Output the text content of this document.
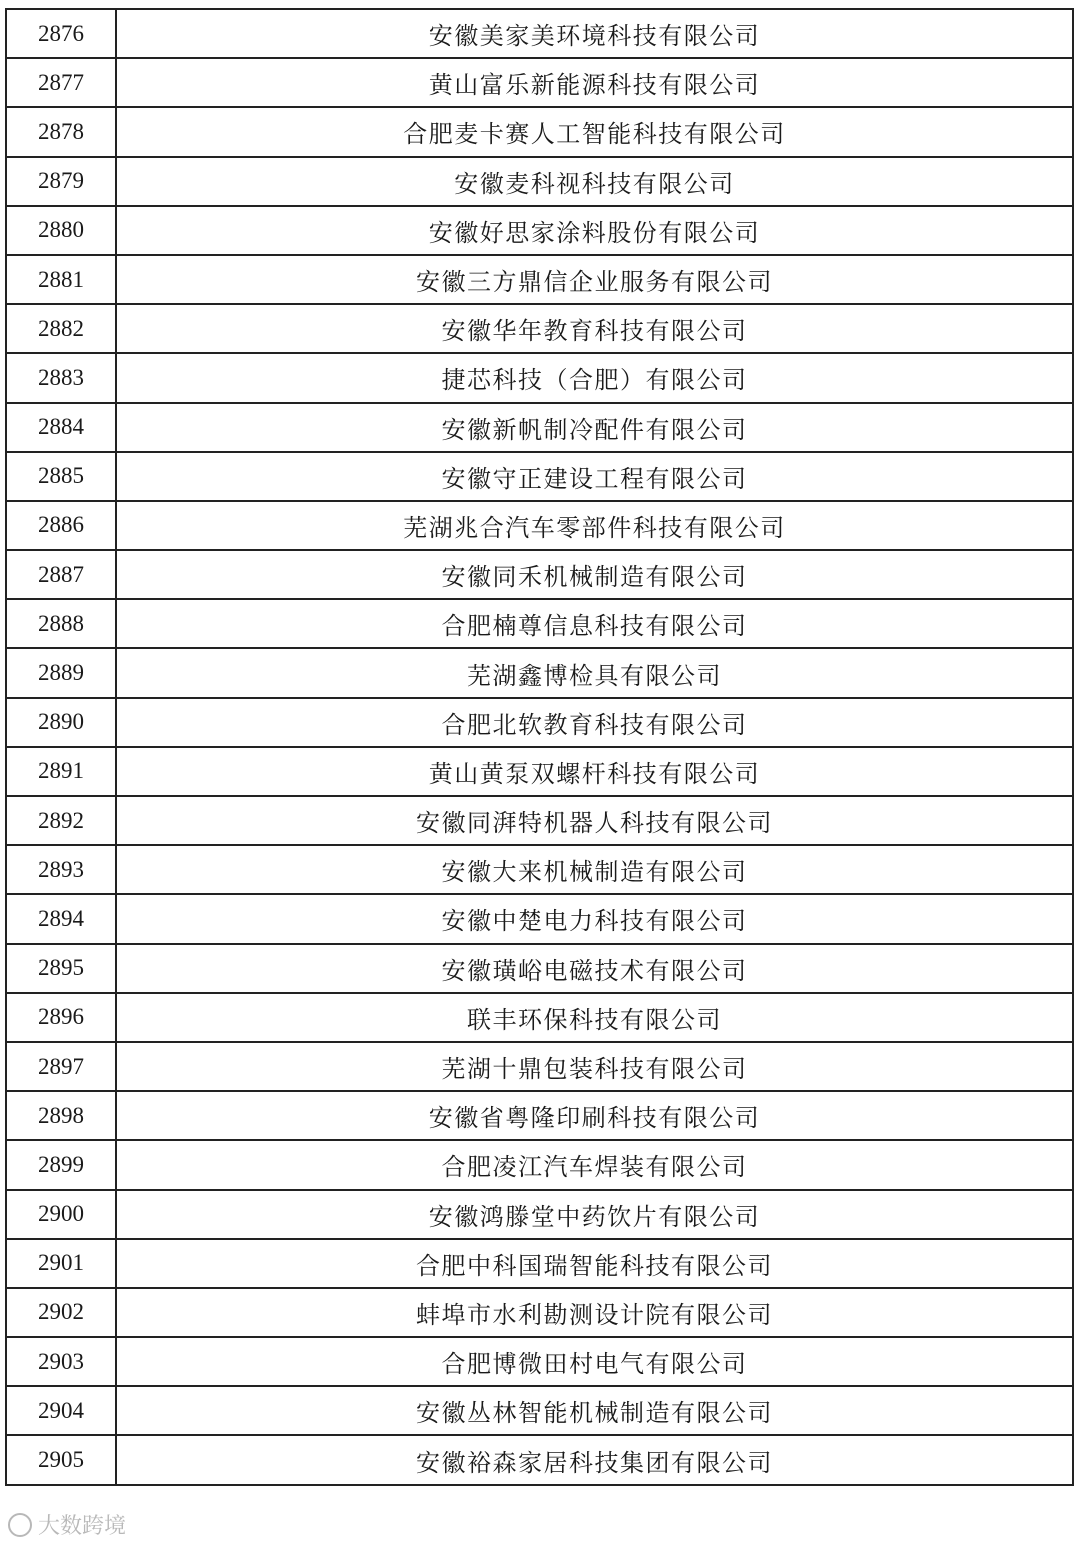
2876	安徽美家美环境科技有限公司
2877	黄山富乐新能源科技有限公司
2878	合肥麦卡赛人工智能科技有限公司
2879	安徽麦科视科技有限公司
2880	安徽好思家涂料股份有限公司
2881	安徽三方鼎信企业服务有限公司
2882	安徽华年教育科技有限公司
2883	捷芯科技（合肥）有限公司
2884	安徽新帆制冷配件有限公司
2885	安徽守正建设工程有限公司
2886	芜湖兆合汽车零部件科技有限公司
2887	安徽同禾机械制造有限公司
2888	合肥楠尊信息科技有限公司
2889	芜湖鑫博检具有限公司
2890	合肥北软教育科技有限公司
2891	黄山黄泵双螺杆科技有限公司
2892	安徽同湃特机器人科技有限公司
2893	安徽大来机械制造有限公司
2894	安徽中楚电力科技有限公司
2895	安徽璜峪电磁技术有限公司
2896	联丰环保科技有限公司
2897	芜湖十鼎包装科技有限公司
2898	安徽省粤隆印刷科技有限公司
2899	合肥凌江汽车焊装有限公司
2900	安徽鸿滕堂中药饮片有限公司
2901	合肥中科国瑞智能科技有限公司
2902	蚌埠市水利勘测设计院有限公司
2903	合肥博微田村电气有限公司
2904	安徽丛林智能机械制造有限公司
2905	安徽裕森家居科技集团有限公司
大数跨境
